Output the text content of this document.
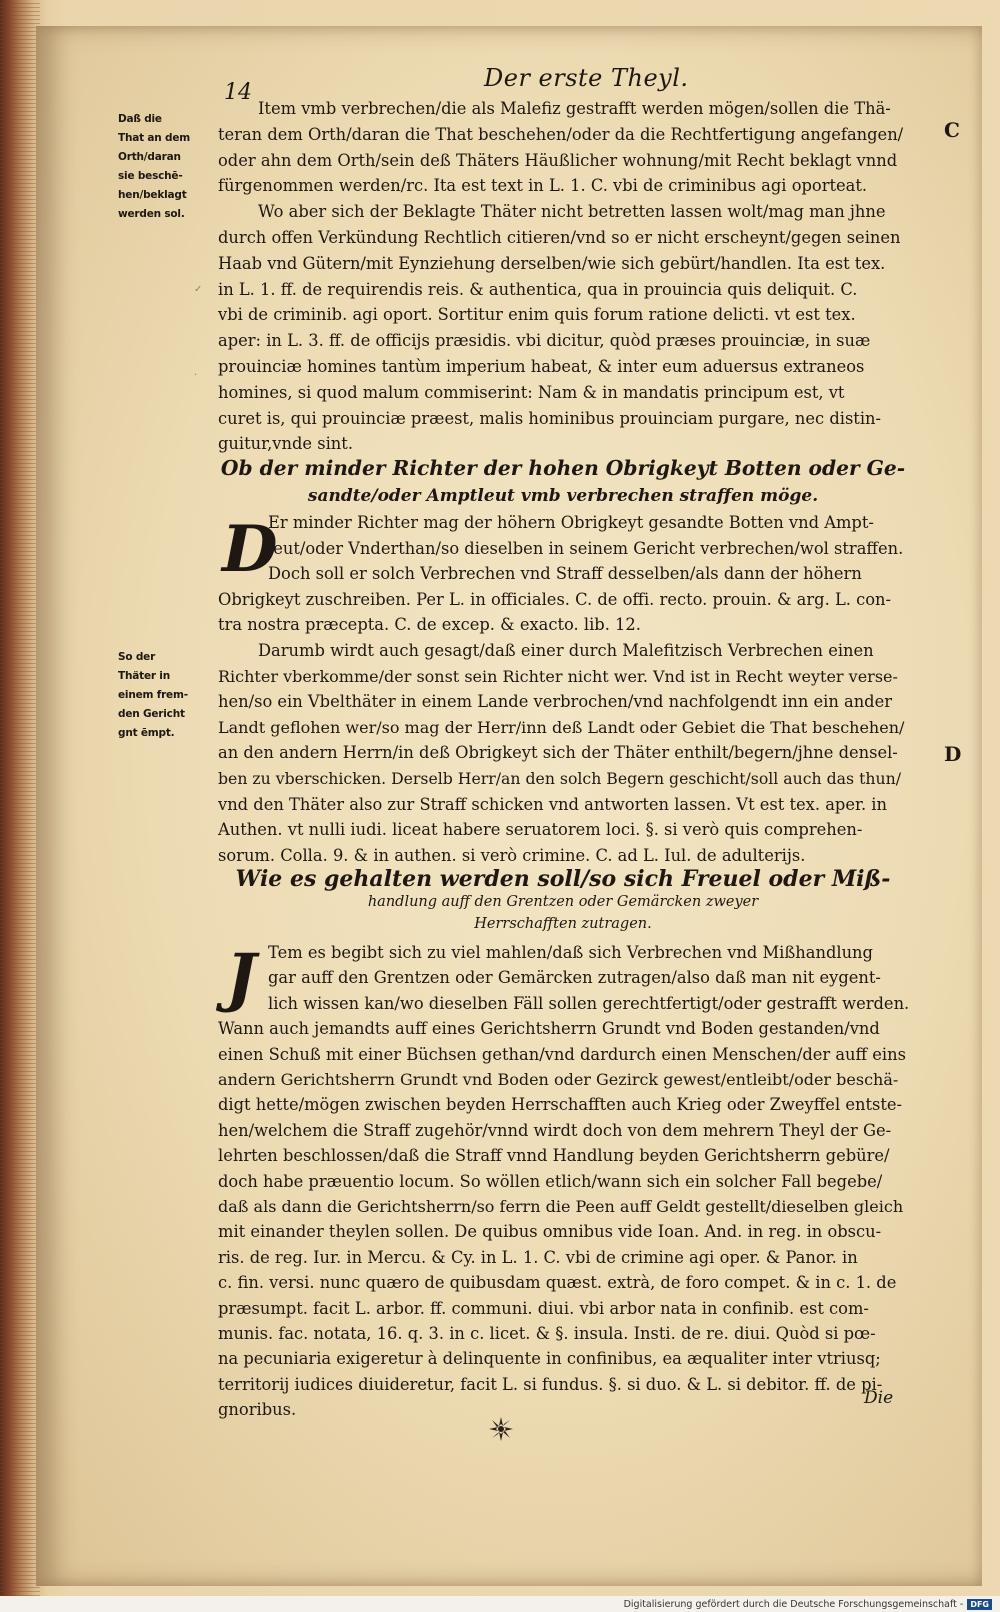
14
Der erste Theyl.
Daß die
That an dem
Orth/daran
sie beschē-
hen/beklagt
werden sol.
So der
Thäter in
einem frem-
den Gericht
gnt ēmpt.
C
D
Item vmb verbrechen/die als Malefiz gestrafft werden mögen/sollen die Thä-
teran dem Orth/daran die That beschehen/oder da die Rechtfertigung angefangen/
oder ahn dem Orth/sein deß Thäters Häußlicher wohnung/mit Recht beklagt vnnd
fürgenommen werden/rc. Ita est text in L. 1. C. vbi de criminibus agi oporteat.
Wo aber sich der Beklagte Thäter nicht betretten lassen wolt/mag man jhne
durch offen Verkündung Rechtlich citieren/vnd so er nicht erscheynt/gegen seinen
Haab vnd Gütern/mit Eynziehung derselben/wie sich gebürt/handlen. Ita est tex.
in L. 1. ff. de requirendis reis. & authentica, qua in prouincia quis deliquit. C.
vbi de criminib. agi oport. Sortitur enim quis forum ratione delicti. vt est tex.
aper: in L. 3. ff. de officijs præsidis. vbi dicitur, quòd præses prouinciæ, in suæ
prouinciæ homines tantùm imperium habeat, & inter eum aduersus extraneos
homines, si quod malum commiserint: Nam & in mandatis principum est, vt
curet is, qui prouinciæ præest, malis hominibus prouinciam purgare, nec distin-
guitur,vnde sint.
Ob der minder Richter der hohen Obrigkeyt Botten oder Ge-
sandte/oder Amptleut vmb verbrechen straffen möge.
D
Er minder Richter mag der höhern Obrigkeyt gesandte Botten vnd Ampt-
leut/oder Vnderthan/so dieselben in seinem Gericht verbrechen/wol straffen.
Doch soll er solch Verbrechen vnd Straff desselben/als dann der höhern
Obrigkeyt zuschreiben. Per L. in officiales. C. de offi. recto. prouin. & arg. L. con-
tra nostra præcepta. C. de excep. & exacto. lib. 12.
Darumb wirdt auch gesagt/daß einer durch Malefitzisch Verbrechen einen
Richter vberkomme/der sonst sein Richter nicht wer. Vnd ist in Recht weyter verse-
hen/so ein Vbelthäter in einem Lande verbrochen/vnd nachfolgendt inn ein ander
Landt geflohen wer/so mag der Herr/inn deß Landt oder Gebiet die That beschehen/
an den andern Herrn/in deß Obrigkeyt sich der Thäter enthilt/begern/jhne densel-
ben zu vberschicken. Derselb Herr/an den solch Begern geschicht/soll auch das thun/
vnd den Thäter also zur Straff schicken vnd antworten lassen. Vt est tex. aper. in
Authen. vt nulli iudi. liceat habere seruatorem loci. §. si verò quis comprehen-
sorum. Colla. 9. & in authen. si verò crimine. C. ad L. Iul. de adulterijs.
Wie es gehalten werden soll/so sich Freuel oder Miß-
handlung auff den Grentzen oder Gemärcken zweyer
Herrschafften zutragen.
J Tem es begibt sich zu viel mahlen/daß sich Verbrechen vnd Mißhandlung
gar auff den Grentzen oder Gemärcken zutragen/also daß man nit eygent-
lich wissen kan/wo dieselben Fäll sollen gerechtfertigt/oder gestrafft werden.
Wann auch jemandts auff eines Gerichtsherrn Grundt vnd Boden gestanden/vnd
einen Schuß mit einer Büchsen gethan/vnd dardurch einen Menschen/der auff eins
andern Gerichtsherrn Grundt vnd Boden oder Gezirck gewest/entleibt/oder beschä-
digt hette/mögen zwischen beyden Herrschafften auch Krieg oder Zweyffel entste-
hen/welchem die Straff zugehör/vnnd wirdt doch von dem mehrern Theyl der Ge-
lehrten beschlossen/daß die Straff vnnd Handlung beyden Gerichtsherrn gebüre/
doch habe præuentio locum. So wöllen etlich/wann sich ein solcher Fall begebe/
daß als dann die Gerichtsherrn/so ferrn die Peen auff Geldt gestellt/dieselben gleich
mit einander theylen sollen. De quibus omnibus vide Ioan. And. in reg. in obscu-
ris. de reg. Iur. in Mercu. & Cy. in L. 1. C. vbi de crimine agi oper. & Panor. in
c. fin. versi. nunc quæro de quibusdam quæst. extrà, de foro compet. & in c. 1. de
præsumpt. facit L. arbor. ff. communi. diui. vbi arbor nata in confinib. est com-
munis. fac. notata, 16. q. 3. in c. licet. & §. insula. Insti. de re. diui. Quòd si pœ-
na pecuniaria exigeretur à delinquente in confinibus, ea æqualiter inter vtriusq;
territorij iudices diuideretur, facit L. si fundus. §. si duo. & L. si debitor. ff. de pi-
gnoribus.
Die
✓
·
Digitalisierung gefördert durch die Deutsche Forschungsgemeinschaft - DFG
